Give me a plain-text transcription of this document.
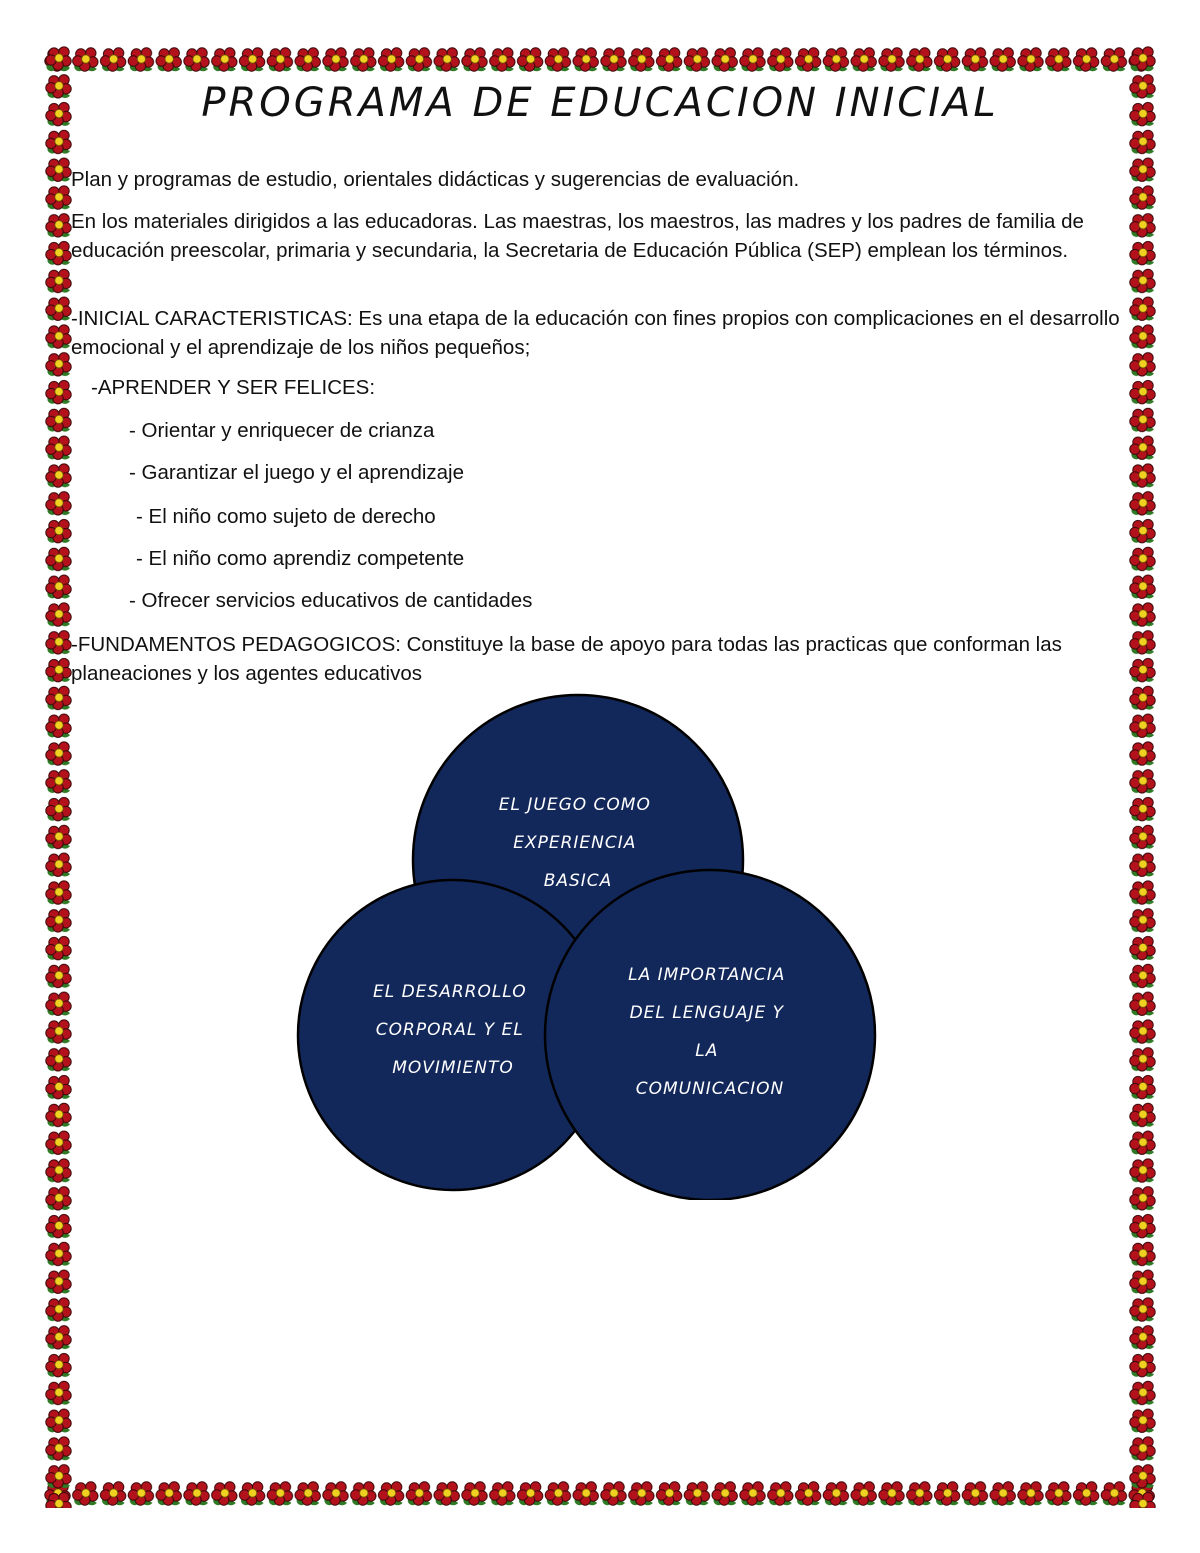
PROGRAMA DE EDUCACION INICIAL

Plan y programas de estudio, orientales didácticas y sugerencias de evaluación.

En los materiales dirigidos a las educadoras. Las maestras, los maestros, las madres y los padres de familia de educación preescolar, primaria y secundaria, la Secretaria de Educación Pública (SEP) emplean los términos.

-INICIAL CARACTERISTICAS: Es una etapa de la educación con fines propios con complicaciones en el desarrollo emocional y el aprendizaje de los niños pequeños;

-APRENDER Y SER FELICES:

- Orientar y enriquecer de crianza

- Garantizar el juego y el aprendizaje

- El niño como sujeto de derecho

- El niño como aprendiz competente

- Ofrecer servicios educativos de cantidades

-FUNDAMENTOS PEDAGOGICOS: Constituye la base de apoyo para todas las practicas que conforman las planeaciones y los agentes educativos

EL JUEGO COMO EXPERIENCIA BASICA
EL DESARROLLO CORPORAL Y EL MOVIMIENTO
LA IMPORTANCIA DEL LENGUAJE Y LA COMUNICACION
